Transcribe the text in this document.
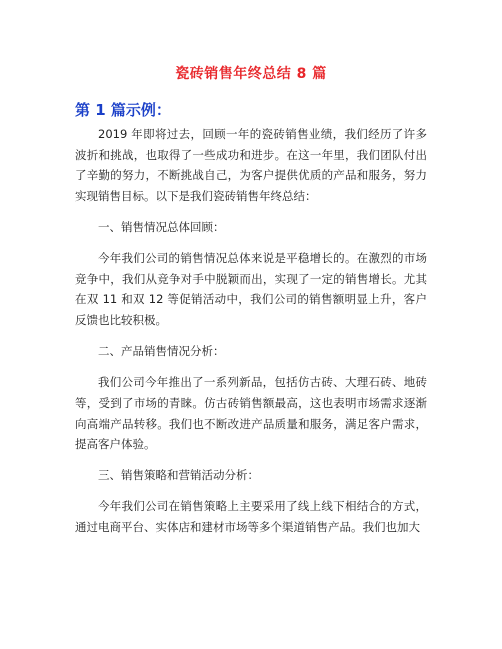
瓷砖销售年终总结 8 篇
第 1 篇示例：

2019 年即将过去，回顾一年的瓷砖销售业绩，我们经历了许多波折和挑战，也取得了一些成功和进步。在这一年里，我们团队付出了辛勤的努力，不断挑战自己，为客户提供优质的产品和服务，努力实现销售目标。以下是我们瓷砖销售年终总结：

一、销售情况总体回顾：

今年我们公司的销售情况总体来说是平稳增长的。在激烈的市场竞争中，我们从竞争对手中脱颖而出，实现了一定的销售增长。尤其在双 11 和双 12 等促销活动中，我们公司的销售额明显上升，客户反馈也比较积极。

二、产品销售情况分析：

我们公司今年推出了一系列新品，包括仿古砖、大理石砖、地砖等，受到了市场的青睐。仿古砖销售额最高，这也表明市场需求逐渐向高端产品转移。我们也不断改进产品质量和服务，满足客户需求，提高客户体验。

三、销售策略和营销活动分析：

今年我们公司在销售策略上主要采用了线上线下相结合的方式，通过电商平台、实体店和建材市场等多个渠道销售产品。我们也加大
